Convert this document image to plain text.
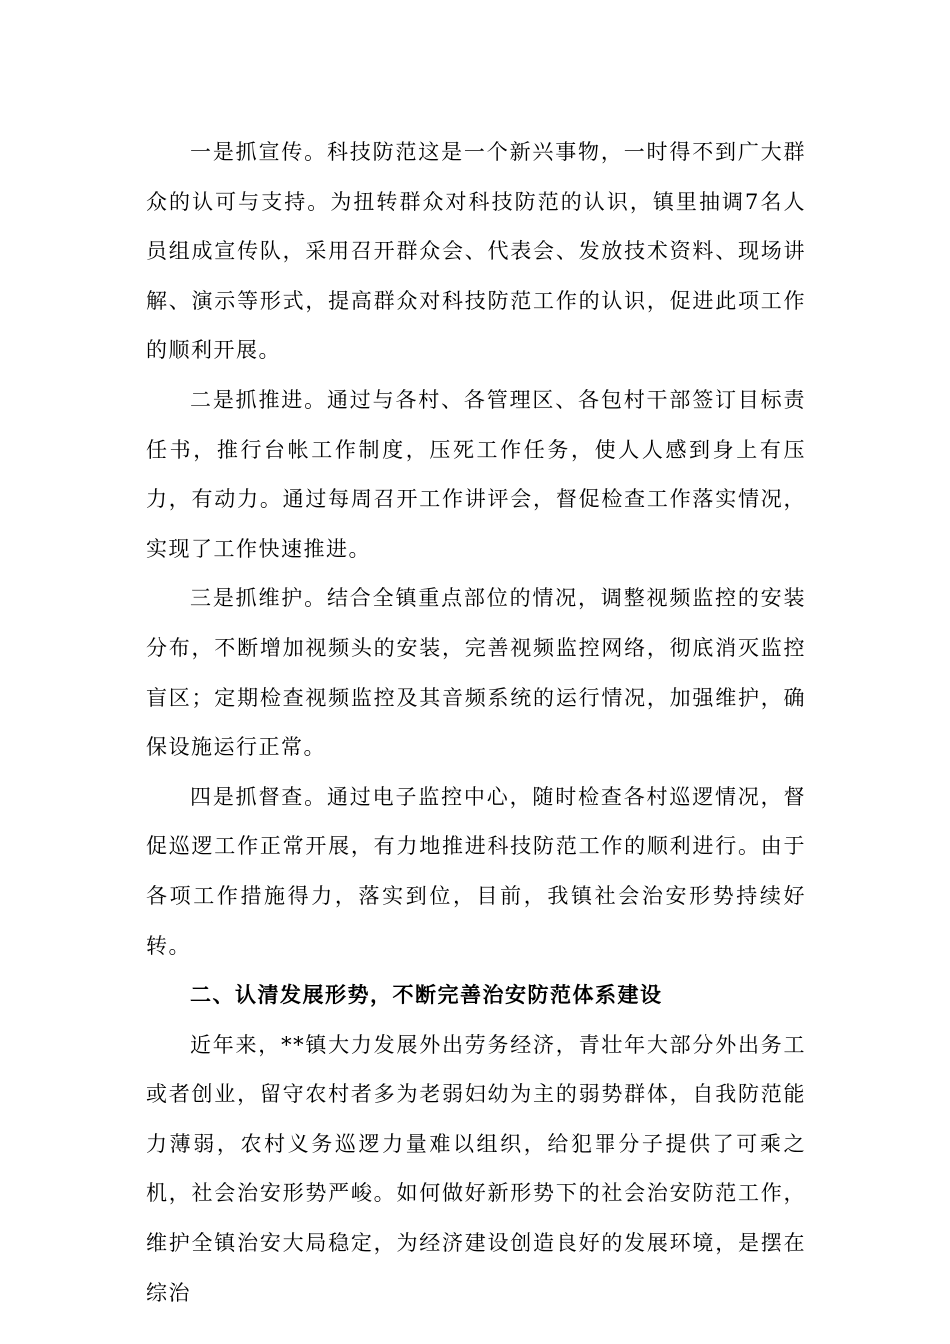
一是抓宣传。科技防范这是一个新兴事物，一时得不到广大群众的认可与支持。为扭转群众对科技防范的认识，镇里抽调7名人员组成宣传队，采用召开群众会、代表会、发放技术资料、现场讲解、演示等形式，提高群众对科技防范工作的认识，促进此项工作的顺利开展。

二是抓推进。通过与各村、各管理区、各包村干部签订目标责任书，推行台帐工作制度，压死工作任务，使人人感到身上有压力，有动力。通过每周召开工作讲评会，督促检查工作落实情况，实现了工作快速推进。

三是抓维护。结合全镇重点部位的情况，调整视频监控的安装分布，不断增加视频头的安装，完善视频监控网络，彻底消灭监控盲区；定期检查视频监控及其音频系统的运行情况，加强维护，确保设施运行正常。

四是抓督查。通过电子监控中心，随时检查各村巡逻情况，督促巡逻工作正常开展，有力地推进科技防范工作的顺利进行。由于各项工作措施得力，落实到位，目前，我镇社会治安形势持续好转。

二、认清发展形势，不断完善治安防范体系建设

近年来，**镇大力发展外出劳务经济，青壮年大部分外出务工或者创业，留守农村者多为老弱妇幼为主的弱势群体，自我防范能力薄弱，农村义务巡逻力量难以组织，给犯罪分子提供了可乘之机，社会治安形势严峻。如何做好新形势下的社会治安防范工作，维护全镇治安大局稳定，为经济建设创造良好的发展环境，是摆在综治
